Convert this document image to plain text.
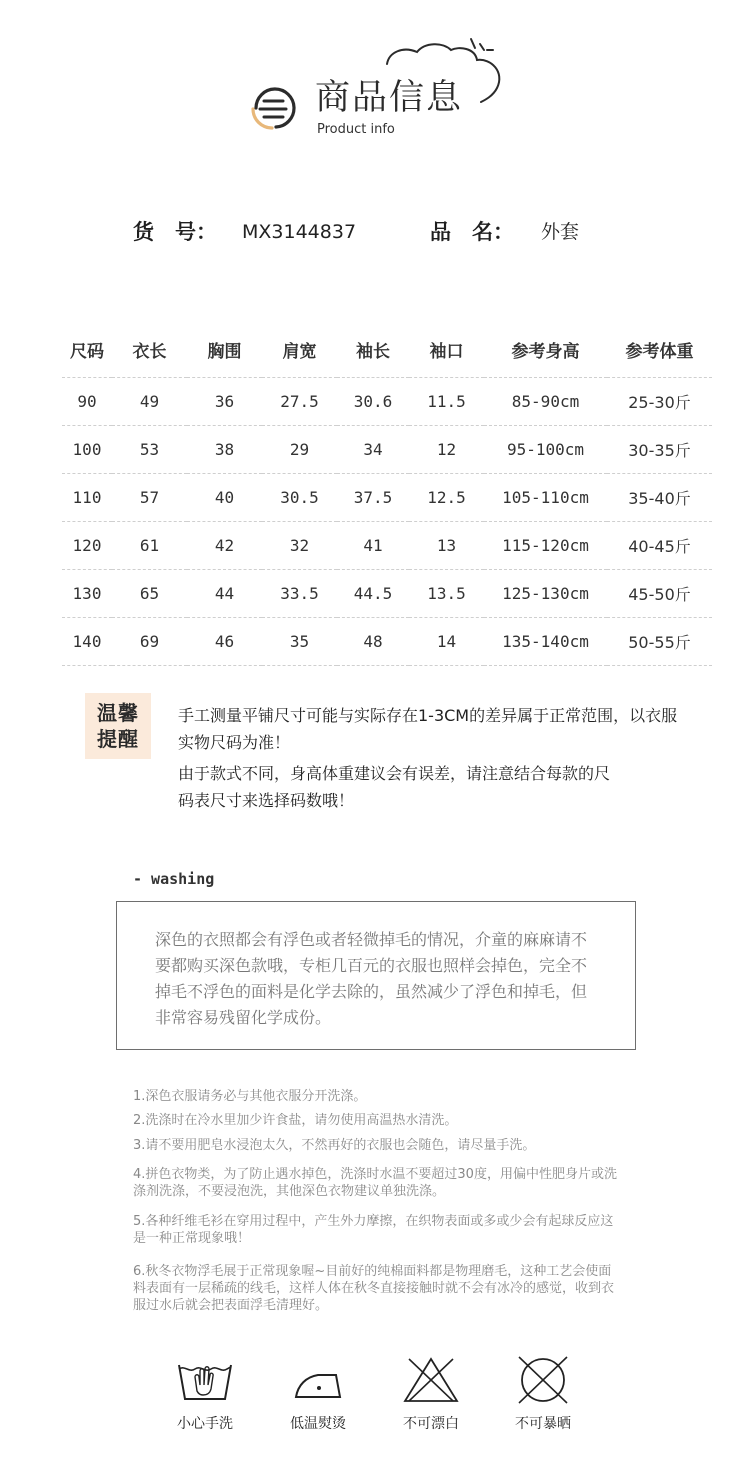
商品信息
Product info
货　号： MX3144837	品　名： 外套
尺码	衣长	胸围	肩宽	袖长	袖口	参考身高	参考体重
90	49	36	27.5	30.6	11.5	85-90cm	25-30斤
100	53	38	29	34	12	95-100cm	30-35斤
110	57	40	30.5	37.5	12.5	105-110cm	35-40斤
120	61	42	32	41	13	115-120cm	40-45斤
130	65	44	33.5	44.5	13.5	125-130cm	45-50斤
140	69	46	35	48	14	135-140cm	50-55斤
温馨
提醒
手工测量平铺尺寸可能与实际存在1-3CM的差异属于正常范围，以衣服实物尺码为准！
由于款式不同，身高体重建议会有误差，请注意结合每款的尺码表尺寸来选择码数哦！
- washing
深色的衣照都会有浮色或者轻微掉毛的情况，介童的麻麻请不要都购买深色款哦，专柜几百元的衣服也照样会掉色，完全不掉毛不浮色的面料是化学去除的，虽然减少了浮色和掉毛，但非常容易残留化学成份。
1.深色衣服请务必与其他衣服分开洗涤。
2.洗涤时在冷水里加少许食盐，请勿使用高温热水清洗。
3.请不要用肥皂水浸泡太久，不然再好的衣服也会随色，请尽量手洗。
4.拼色衣物类，为了防止遇水掉色，洗涤时水温不要超过30度，用偏中性肥身片或洗涤剂洗涤，不要浸泡洗，其他深色衣物建议单独洗涤。
5.各种纤维毛衫在穿用过程中，产生外力摩擦，在织物表面或多或少会有起球反应这是一种正常现象哦！
6.秋冬衣物浮毛展于正常现象喔~目前好的纯棉面料都是物理磨毛，这种工艺会使面料表面有一层稀疏的线毛，这样人体在秋冬直接接触时就不会有冰冷的感觉，收到衣服过水后就会把表面浮毛清理好。
小心手洗	低温熨烫	不可漂白	不可暴晒
